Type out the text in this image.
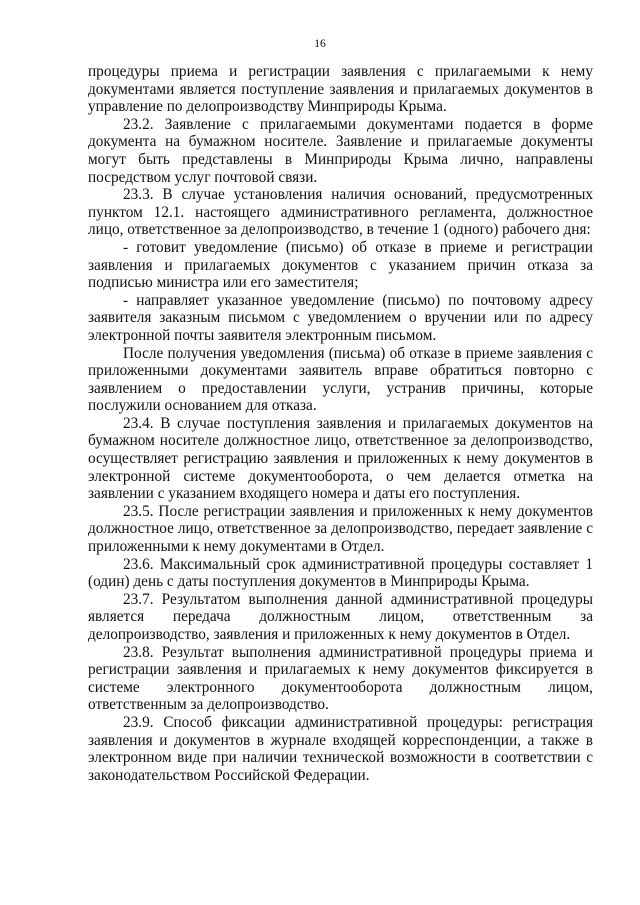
16

процедуры приема и регистрации заявления с прилагаемыми к нему документами является поступление заявления и прилагаемых документов в управление по делопроизводству Минприроды Крыма.

23.2. Заявление с прилагаемыми документами подается в форме документа на бумажном носителе. Заявление и прилагаемые документы могут быть представлены в Минприроды Крыма лично, направлены посредством услуг почтовой связи.

23.3. В случае установления наличия оснований, предусмотренных пунктом 12.1. настоящего административного регламента, должностное лицо, ответственное за делопроизводство, в течение 1 (одного) рабочего дня:

- готовит уведомление (письмо) об отказе в приеме и регистрации заявления и прилагаемых документов с указанием причин отказа за подписью министра или его заместителя;

- направляет указанное уведомление (письмо) по почтовому адресу заявителя заказным письмом с уведомлением о вручении или по адресу электронной почты заявителя электронным письмом.

После получения уведомления (письма) об отказе в приеме заявления с приложенными документами заявитель вправе обратиться повторно с заявлением о предоставлении услуги, устранив причины, которые послужили основанием для отказа.

23.4. В случае поступления заявления и прилагаемых документов на бумажном носителе должностное лицо, ответственное за делопроизводство, осуществляет регистрацию заявления и приложенных к нему документов в электронной системе документооборота, о чем делается отметка на заявлении с указанием входящего номера и даты его поступления.

23.5. После регистрации заявления и приложенных к нему документов должностное лицо, ответственное за делопроизводство, передает заявление с приложенными к нему документами в Отдел.

23.6. Максимальный срок административной процедуры составляет 1 (один) день с даты поступления документов в Минприроды Крыма.

23.7. Результатом выполнения данной административной процедуры является передача должностным лицом, ответственным за делопроизводство, заявления и приложенных к нему документов в Отдел.

23.8. Результат выполнения административной процедуры приема и регистрации заявления и прилагаемых к нему документов фиксируется в системе электронного документооборота должностным лицом, ответственным за делопроизводство.

23.9. Способ фиксации административной процедуры: регистрация заявления и документов в журнале входящей корреспонденции, а также в электронном виде при наличии технической возможности в соответствии с законодательством Российской Федерации.
